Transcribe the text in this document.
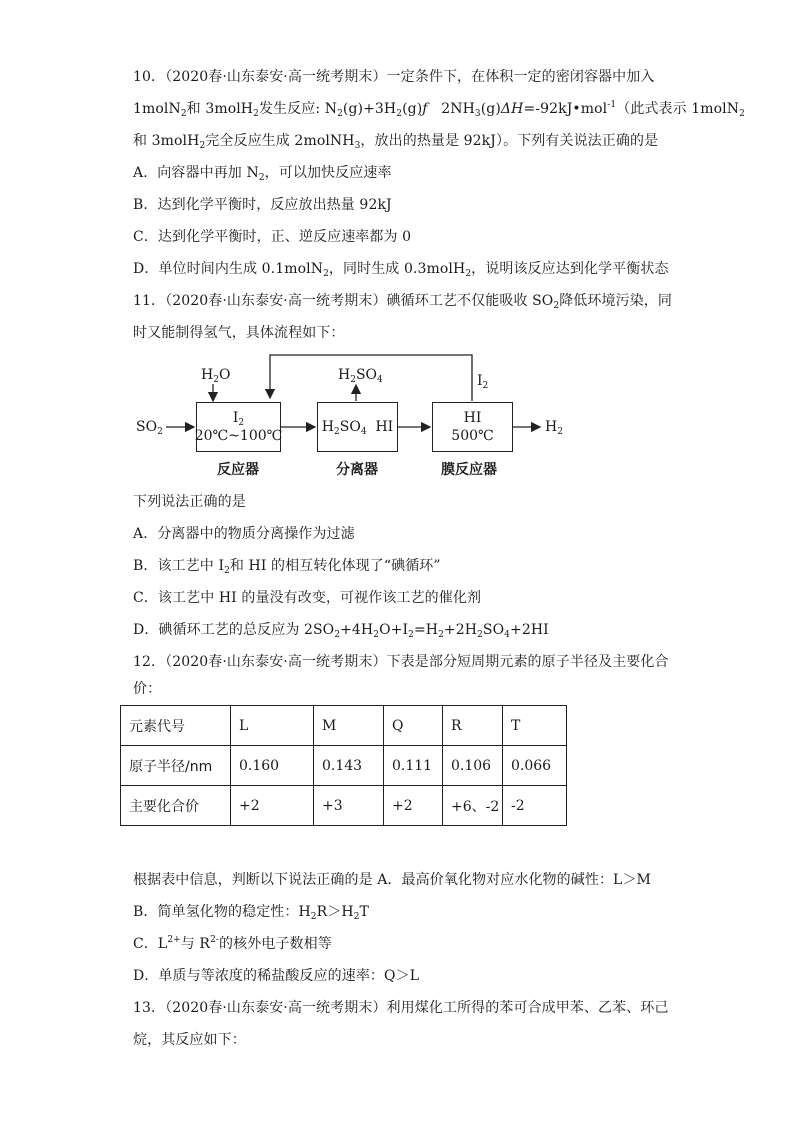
10．（2020春·山东泰安·高一统考期末）一定条件下，在体积一定的密闭容器中加入
1molN$_2$和 3molH$_2$发生反应: $N_2(g)+3H_2(g)ƒ$ $2NH_3(g)\Delta H=-92kJ•mol^{-1}$（此式表示 1molN$_2$
和 3molH$_2$完全反应生成 2molNH$_3$，放出的热量是 92kJ）。下列有关说法正确的是
A．向容器中再加 $N_2$，可以加快反应速率
B．达到化学平衡时，反应放出热量 92kJ
C．达到化学平衡时，正、逆反应速率都为 0
D．单位时间内生成 0.1molN$_2$，同时生成 0.3molH$_2$，说明该反应达到化学平衡状态
11．（2020春·山东泰安·高一统考期末）碘循环工艺不仅能吸收 $SO_2$降低环境污染，同
时又能制得氢气，具体流程如下：
$I_2$
20℃~100℃
$H_2SO_4$ HI
HI
500℃
$SO_2$
$H_2O$	$H_2SO_4$	$I_2$
$H_2$
反应器	分离器	膜反应器
下列说法正确的是
A．分离器中的物质分离操作为过滤
B．该工艺中 $I_2$和 HI 的相互转化体现了“碘循环”
C．该工艺中 HI 的量没有改变，可视作该工艺的催化剂
D．碘循环工艺的总反应为 $2SO_2+4H_2O+I_2=H_2+2H_2SO_4+2HI$
12．（2020春·山东泰安·高一统考期末）下表是部分短周期元素的原子半径及主要化合
价：
元素代号	L	M	Q	R	T
原子半径/nm	0.160	0.143	0.111	0.106	0.066
主要化合价	+2	+3	+2	+6、-2	-2
根据表中信息，判断以下说法正确的是 A．最高价氧化物对应水化物的碱性：L＞M
B．简单氢化物的稳定性：$H_2R>H_2T$
C．$L^{2+}$与 $R^{2-}$的核外电子数相等
D．单质与等浓度的稀盐酸反应的速率：Q＞L
13．（2020春·山东泰安·高一统考期末）利用煤化工所得的苯可合成甲苯、乙苯、环己
烷，其反应如下：
